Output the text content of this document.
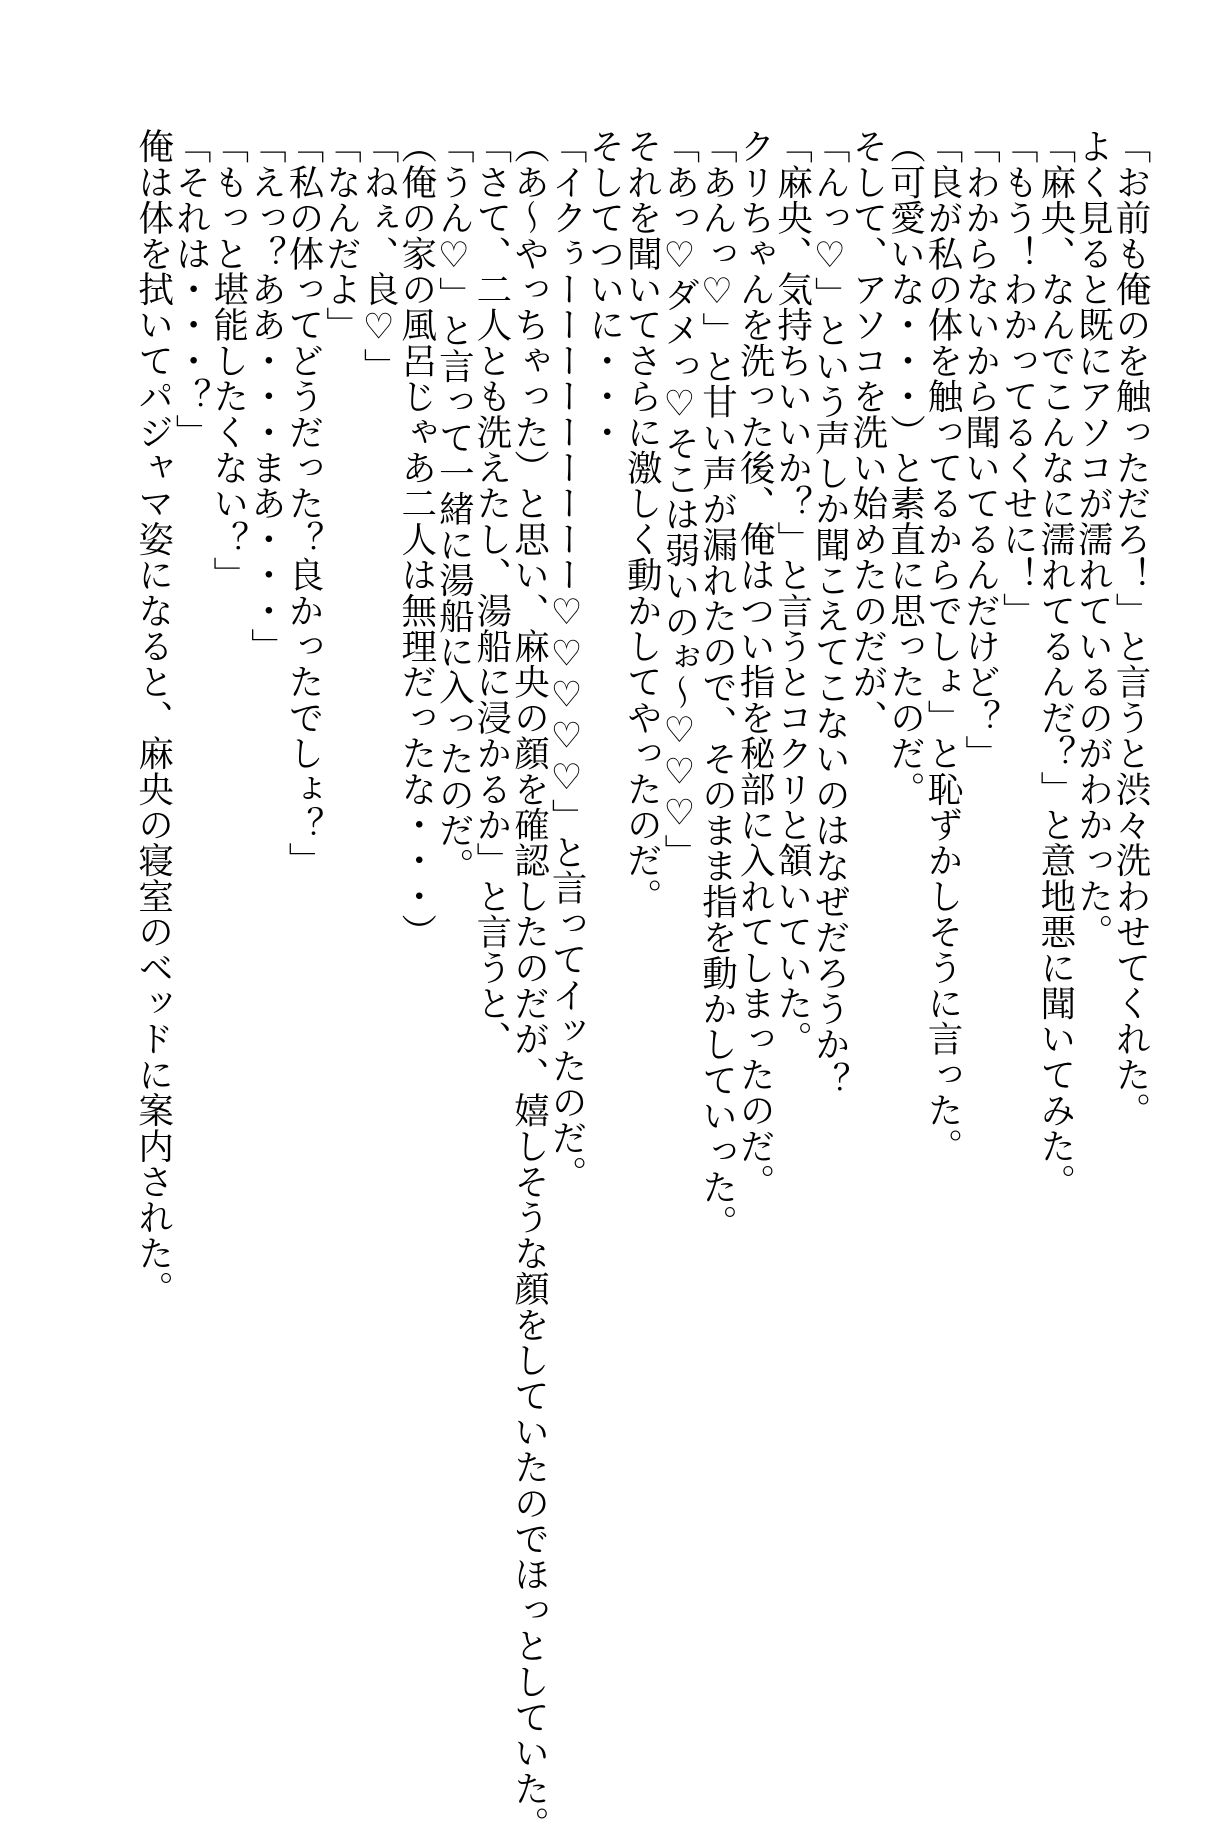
「お前も俺のを触っただろ！」と言うと渋々洗わせてくれた。
よく見ると既にアソコが濡れているのがわかった。
「麻央、なんでこんなに濡れてるんだ？」と意地悪に聞いてみた。
「もう！わかってるくせに！」
「わからないから聞いてるんだけど？」
「良が私の体を触ってるからでしょ」と恥ずかしそうに言った。
（可愛いな・・・）と素直に思ったのだ。
そして、アソコを洗い始めたのだが、
「んっ♡」という声しか聞こえてこないのはなぜだろうか？
「麻央、気持ちいいか？」と言うとコクリと頷いていた。
クリちゃんを洗った後、俺はつい指を秘部に入れてしまったのだ。
「あんっ♡」と甘い声が漏れたので、そのまま指を動かしていった。
「あっ♡ダメっ♡そこは弱いのぉ～♡♡♡」
それを聞いてさらに激しく動かしてやったのだ。
そしてついに・・・
「イクぅーーーーーーーーー♡♡♡♡♡」と言ってイッたのだ。
（あ～やっちゃった）と思い、麻央の顔を確認したのだが、嬉しそうな顔をしていたのでほっとしていた。
「さて、二人とも洗えたし、湯船に浸かるか」と言うと、
「うん♡」と言って一緒に湯船に入ったのだ。
（俺の家の風呂じゃあ二人は無理だったな・・・）
「ねぇ、良♡」
「なんだよ」
「私の体ってどうだった？良かったでしょ？」
「えっ？ああ・・・まあ・・・」
「もっと堪能したくない？」
「それは・・・？」
俺は体を拭いてパジャマ姿になると、麻央の寝室のベッドに案内された。
